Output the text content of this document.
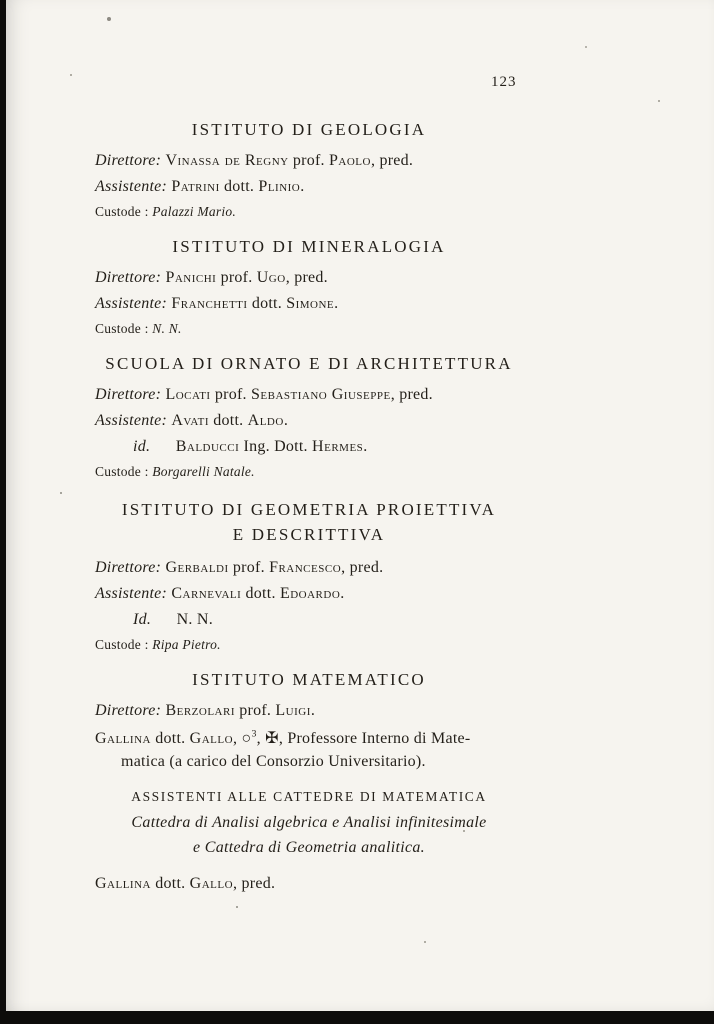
123
ISTITUTO DI GEOLOGIA

Direttore: Vinassa de Regny prof. Paolo, pred.

Assistente: Patrini dott. Plinio.

Custode : Palazzi Mario.

ISTITUTO DI MINERALOGIA

Direttore: Panichi prof. Ugo, pred.

Assistente: Franchetti dott. Simone.

Custode : N. N.

SCUOLA DI ORNATO E DI ARCHITETTURA

Direttore: Locati prof. Sebastiano Giuseppe, pred.

Assistente: Avati dott. Aldo.

id. Balducci Ing. Dott. Hermes.

Custode : Borgarelli Natale.

ISTITUTO DI GEOMETRIA PROIETTIVA
E DESCRITTIVA

Direttore: Gerbaldi prof. Francesco, pred.

Assistente: Carnevali dott. Edoardo.

Id. N. N.

Custode : Ripa Pietro.

ISTITUTO MATEMATICO

Direttore: Berzolari prof. Luigi.

Gallina dott. Gallo, ○$^3$, ✠, Professore Interno di Mate-
matica (a carico del Consorzio Universitario).

ASSISTENTI ALLE CATTEDRE DI MATEMATICA

Cattedra di Analisi algebrica e Analisi infinitesimale

e Cattedra di Geometria analitica.

Gallina dott. Gallo, pred.
